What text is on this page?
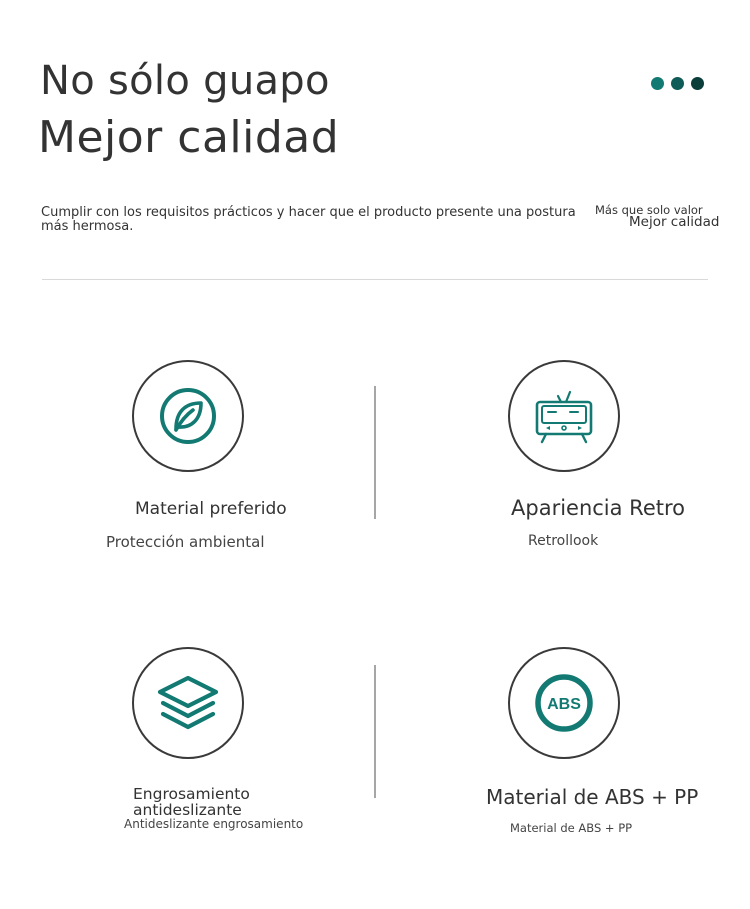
No sólo guapo
Mejor calidad
Cumplir con los requisitos prácticos y hacer que el producto presente una postura más hermosa.
Más que solo valor
Mejor calidad
Material preferido
Protección ambiental
Apariencia Retro
Retrollook
Engrosamiento antideslizante
Antideslizante engrosamiento
ABS
Material de ABS + PP
Material de ABS + PP
